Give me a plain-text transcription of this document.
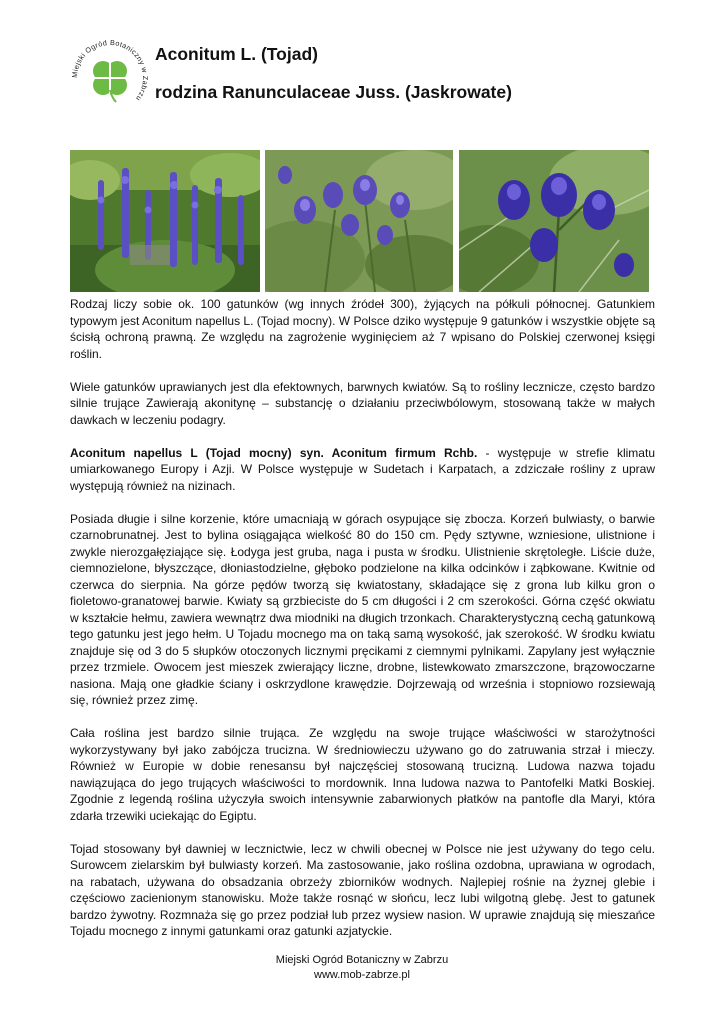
Miejski Ogród Botaniczny w Zabrzu
Aconitum L. (Tojad)
rodzina Ranunculaceae Juss. (Jaskrowate)

Rodzaj liczy sobie ok. 100 gatunków (wg innych źródeł 300), żyjących na półkuli północnej. Gatunkiem typowym jest Aconitum napellus L. (Tojad mocny). W Polsce dziko występuje 9 gatunków i wszystkie objęte są ścisłą ochroną prawną. Ze względu na zagrożenie wyginięciem aż 7 wpisano do Polskiej czerwonej księgi roślin.

Wiele gatunków uprawianych jest dla efektownych, barwnych kwiatów. Są to rośliny lecznicze, często bardzo silnie trujące Zawierają akonitynę – substancję o działaniu przeciwbólowym, stosowaną także w małych dawkach w leczeniu podagry.

Aconitum napellus L (Tojad mocny) syn. Aconitum firmum Rchb. - występuje w strefie klimatu umiarkowanego Europy i Azji. W Polsce występuje w Sudetach i Karpatach, a zdziczałe rośliny z upraw występują również na nizinach.

Posiada długie i silne korzenie, które umacniają w górach osypujące się zbocza. Korzeń bulwiasty, o barwie czarnobrunatnej. Jest to bylina osiągająca wielkość 80 do 150 cm. Pędy sztywne, wzniesione, ulistnione i zwykle nierozgałęziające się. Łodyga jest gruba, naga i pusta w środku. Ulistnienie skrętoległe. Liście duże, ciemnozielone, błyszczące, dłoniastodzielne, głęboko podzielone na kilka odcinków i ząbkowane. Kwitnie od czerwca do sierpnia. Na górze pędów tworzą się kwiatostany, składające się z grona lub kilku gron o fioletowo-granatowej barwie. Kwiaty są grzbieciste do 5 cm długości i 2 cm szerokości. Górna część okwiatu w kształcie hełmu, zawiera wewnątrz dwa miodniki na długich trzonkach. Charakterystyczną cechą gatunkową tego gatunku jest jego hełm. U Tojadu mocnego ma on taką samą wysokość, jak szerokość. W środku kwiatu znajduje się od 3 do 5 słupków otoczonych licznymi pręcikami z ciemnymi pylnikami. Zapylany jest wyłącznie przez trzmiele. Owocem jest mieszek zwierający liczne, drobne, listewkowato zmarszczone, brązowoczarne nasiona. Mają one gładkie ściany i oskrzydlone krawędzie. Dojrzewają od września i stopniowo rozsiewają się, również przez zimę.

Cała roślina jest bardzo silnie trująca. Ze względu na swoje trujące właściwości w starożytności wykorzystywany był jako zabójcza trucizna. W średniowieczu używano go do zatruwania strzał i mieczy. Również w Europie w dobie renesansu był najczęściej stosowaną trucizną. Ludowa nazwa tojadu nawiązująca do jego trujących właściwości to mordownik. Inna ludowa nazwa to Pantofelki Matki Boskiej. Zgodnie z legendą roślina użyczyła swoich intensywnie zabarwionych płatków na pantofle dla Maryi, która zdarła trzewiki uciekając do Egiptu.

Tojad stosowany był dawniej w lecznictwie, lecz w chwili obecnej w Polsce nie jest używany do tego celu. Surowcem zielarskim był bulwiasty korzeń. Ma zastosowanie, jako roślina ozdobna, uprawiana w ogrodach, na rabatach, używana do obsadzania obrzeży zbiorników wodnych. Najlepiej rośnie na żyznej glebie i częściowo zacienionym stanowisku. Może także rosnąć w słońcu, lecz lubi wilgotną glebę. Jest to gatunek bardzo żywotny. Rozmnaża się go przez podział lub przez wysiew nasion. W uprawie znajdują się mieszańce Tojadu mocnego z innymi gatunkami oraz gatunki azjatyckie.

Miejski Ogród Botaniczny w Zabrzu
www.mob-zabrze.pl
